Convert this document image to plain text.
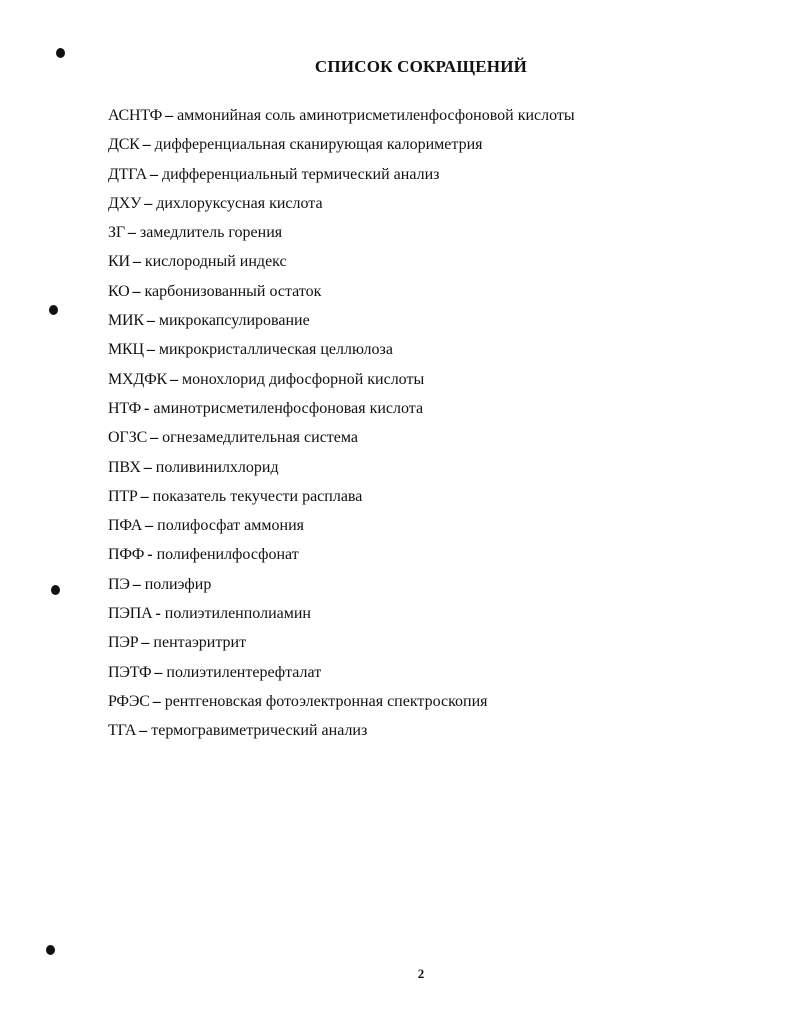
СПИСОК СОКРАЩЕНИЙ
АСНТФ – аммонийная соль аминотрисметиленфосфоновой кислоты
ДСК – дифференциальная сканирующая калориметрия
ДТГА – дифференциальный термический анализ
ДХУ – дихлоруксусная кислота
ЗГ – замедлитель горения
КИ – кислородный индекс
КО – карбонизованный остаток
МИК – микрокапсулирование
МКЦ – микрокристаллическая целлюлоза
МХДФК – монохлорид дифосфорной кислоты
НТФ - аминотрисметиленфосфоновая кислота
ОГЗС – огнезамедлительная система
ПВХ – поливинилхлорид
ПТР – показатель текучести расплава
ПФА – полифосфат аммония
ПФФ - полифенилфосфонат
ПЭ – полиэфир
ПЭПА - полиэтиленполиамин
ПЭР – пентаэритрит
ПЭТФ – полиэтилентерефталат
РФЭС – рентгеновская фотоэлектронная спектроскопия
ТГА – термогравиметрический анализ
2
